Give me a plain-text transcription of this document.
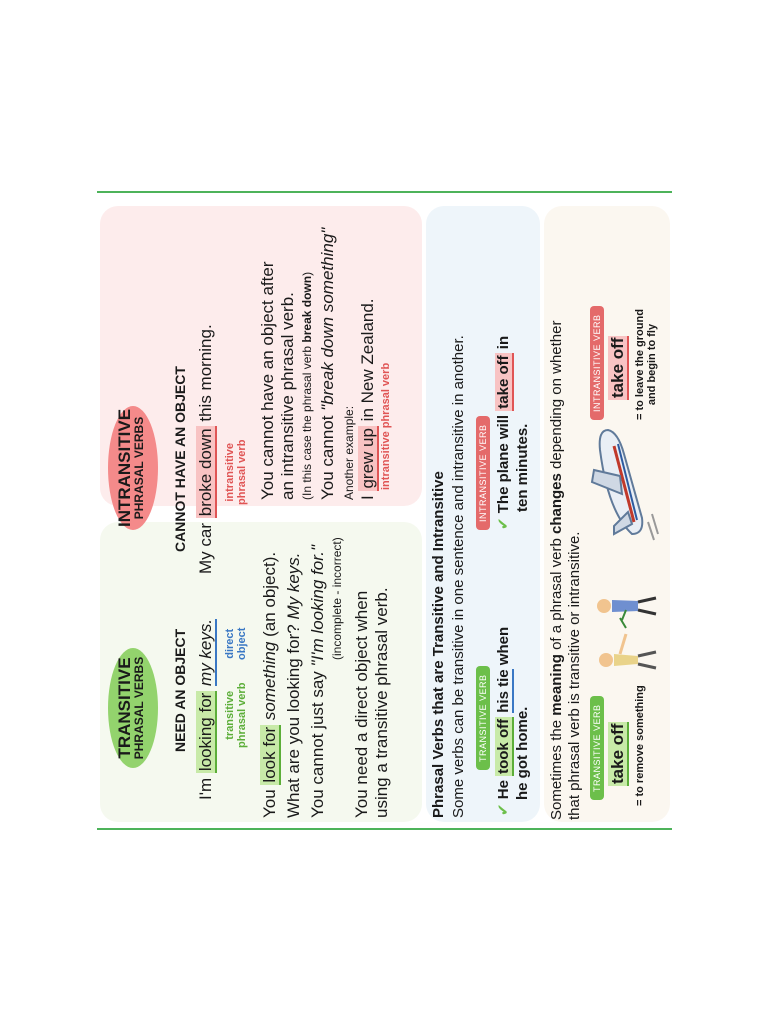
TRANSITIVE
PHRASAL VERBS NEED AN OBJECT
I'm looking for my keys.
transitive phrasal verb
direct object
You look for something (an object).
What are you looking for? My keys.
You cannot just say "I'm looking for." (incomplete - incorrect) You need a direct object when using a transitive phrasal verb.
INTRANSITIVE
PHRASAL VERBS CANNOT HAVE AN OBJECT My car broke down this morning.
intransitive phrasal verb You cannot have an object after an intransitive phrasal verb. (In this case the phrasal verb break down)
You cannot "break down something"
Another example: I grew up in New Zealand.
intransitive phrasal verb
Phrasal Verbs that are Transitive and Intransitive Some verbs can be transitive in one sentence and intransitive in another. TRANSITIVE VERB
INTRANSITIVE VERB
✔ He took off his tie when
he got home.
✔ The plane will take off in
ten minutes.
Sometimes the meaning of a phrasal verb changes depending on whether
that phrasal verb is transitive or intransitive. TRANSITIVE VERB take off = to remove something
INTRANSITIVE VERB take off = to leave the ground and begin to fly
